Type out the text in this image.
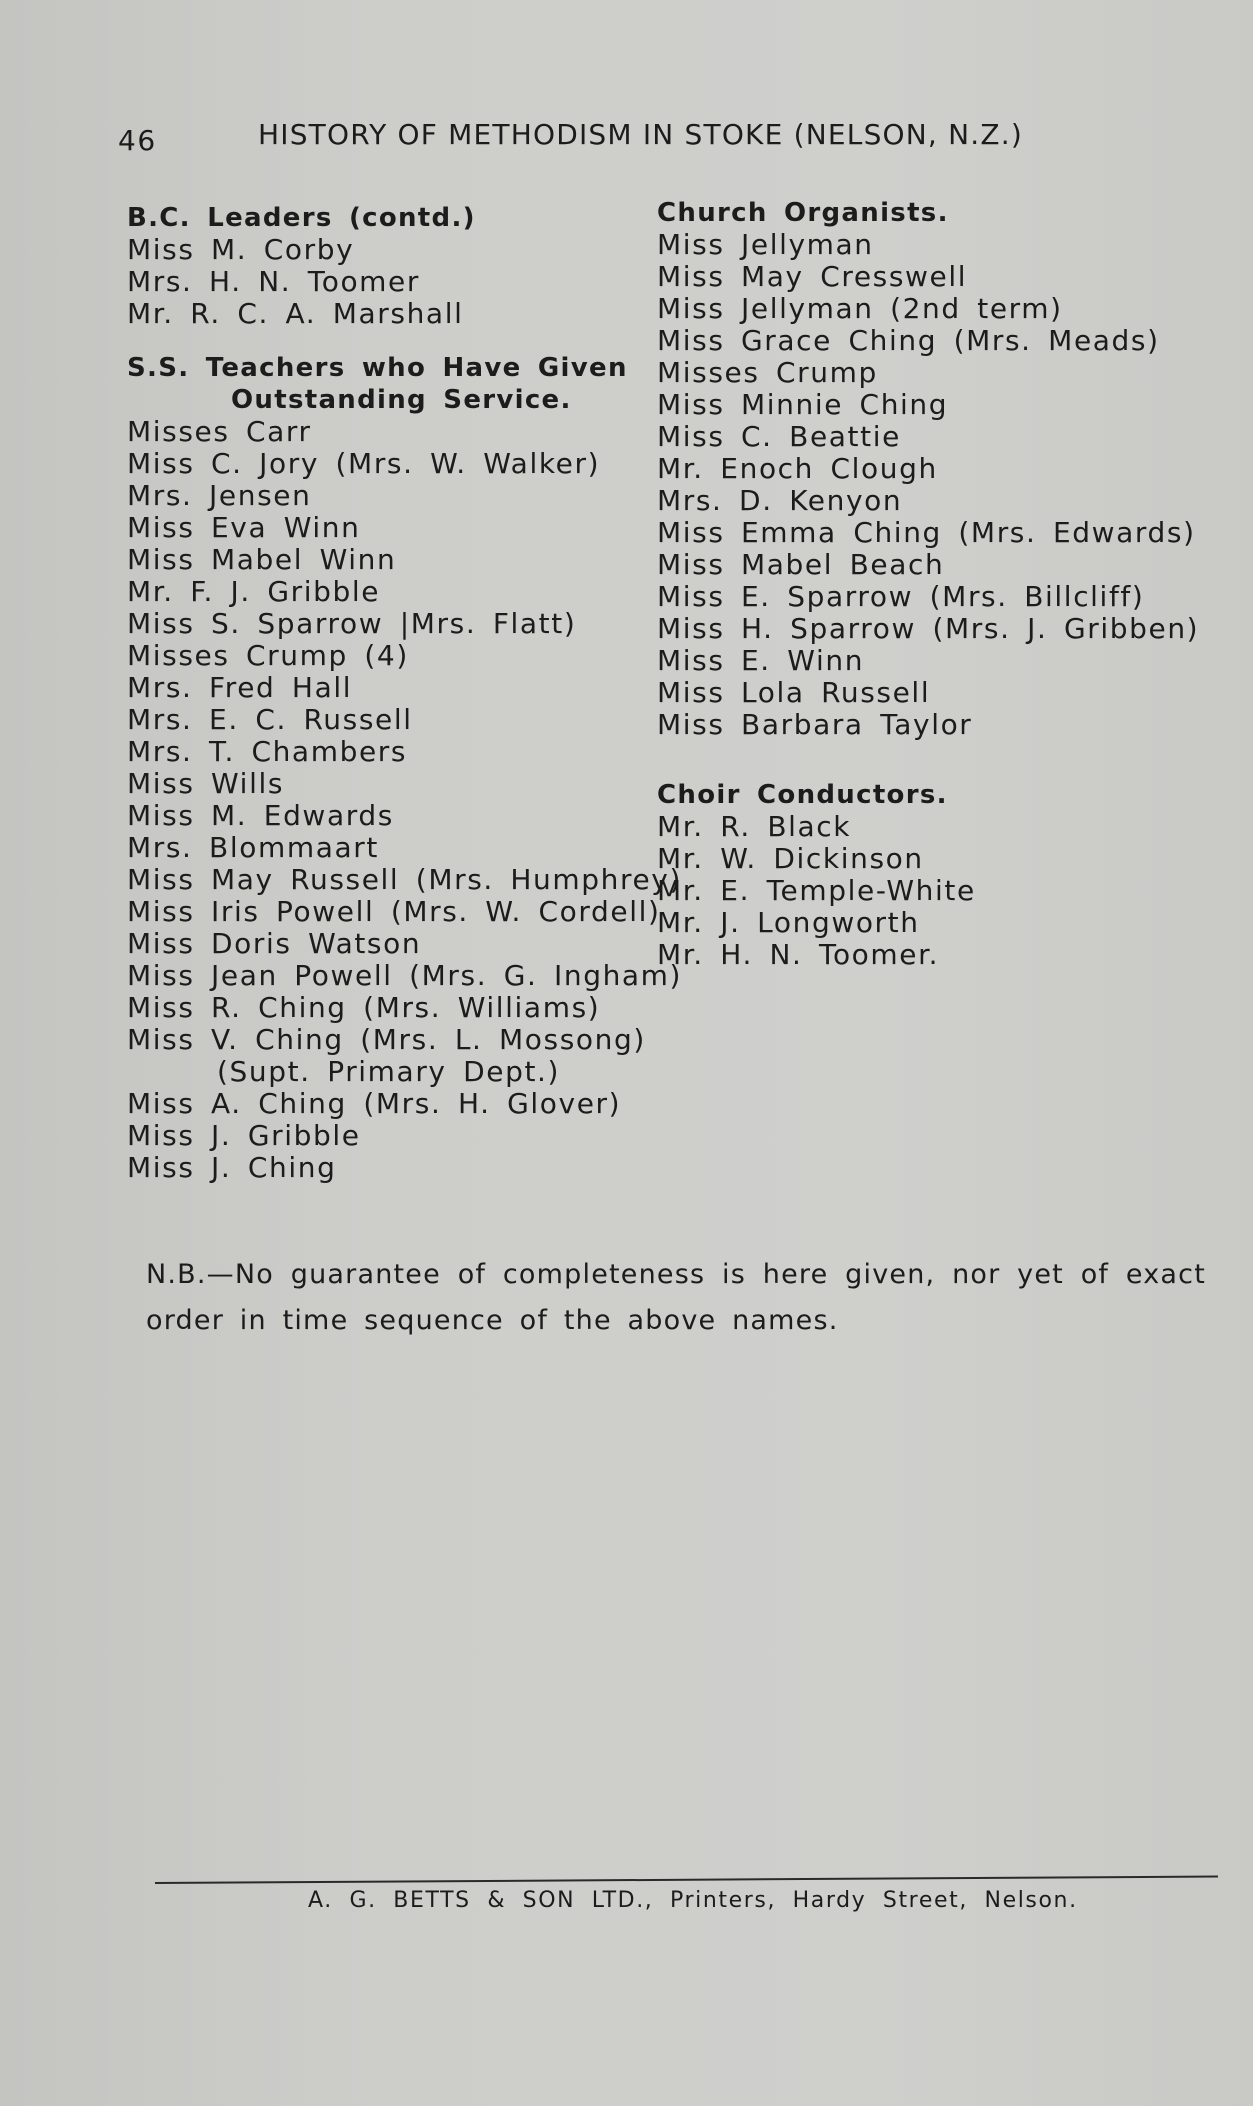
46	HISTORY OF METHODISM IN STOKE (NELSON, N.Z.)
B.C. Leaders (contd.)
Miss M. Corby
Mrs. H. N. Toomer
Mr. R. C. A. Marshall
S.S. Teachers who Have Given
Outstanding Service.
Misses Carr
Miss C. Jory (Mrs. W. Walker)
Mrs. Jensen
Miss Eva Winn
Miss Mabel Winn
Mr. F. J. Gribble
Miss S. Sparrow |Mrs. Flatt)
Misses Crump (4)
Mrs. Fred Hall
Mrs. E. C. Russell
Mrs. T. Chambers
Miss Wills
Miss M. Edwards
Mrs. Blommaart
Miss May Russell (Mrs. Humphrey)
Miss Iris Powell (Mrs. W. Cordell)
Miss Doris Watson
Miss Jean Powell (Mrs. G. Ingham)
Miss R. Ching (Mrs. Williams)
Miss V. Ching (Mrs. L. Mossong)
(Supt. Primary Dept.)
Miss A. Ching (Mrs. H. Glover)
Miss J. Gribble
Miss J. Ching
Church Organists.
Miss Jellyman
Miss May Cresswell
Miss Jellyman (2nd term)
Miss Grace Ching (Mrs. Meads)
Misses Crump
Miss Minnie Ching
Miss C. Beattie
Mr. Enoch Clough
Mrs. D. Kenyon
Miss Emma Ching (Mrs. Edwards)
Miss Mabel Beach
Miss E. Sparrow (Mrs. Billcliff)
Miss H. Sparrow (Mrs. J. Gribben)
Miss E. Winn
Miss Lola Russell
Miss Barbara Taylor
Choir Conductors.
Mr. R. Black
Mr. W. Dickinson
Mr. E. Temple-White
Mr. J. Longworth
Mr. H. N. Toomer.
N.B.—No guarantee of completeness is here given, nor yet of exact order in time sequence of the above names.
A. G. BETTS & SON LTD., Printers, Hardy Street, Nelson.
